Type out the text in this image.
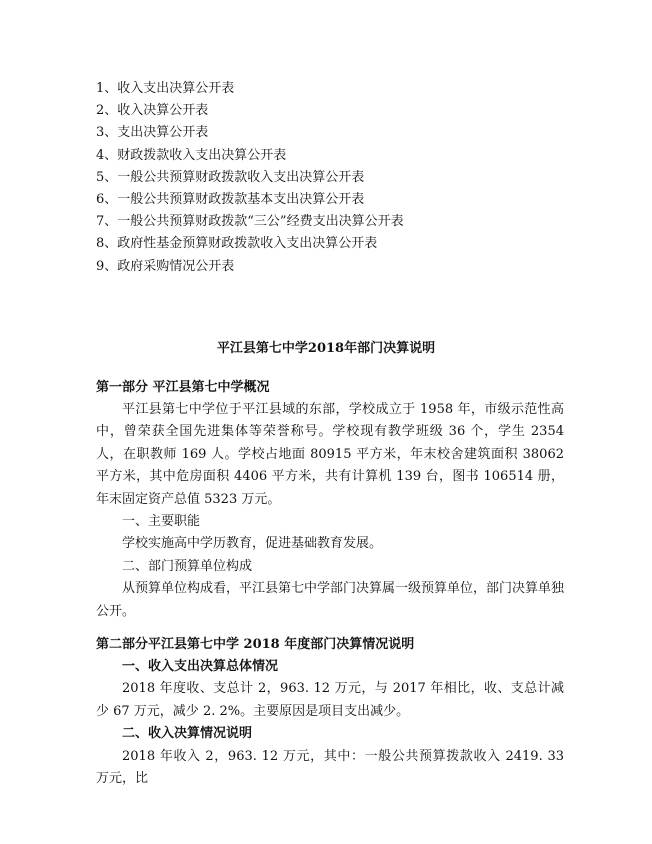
1、收入支出决算公开表
2、收入决算公开表
3、支出决算公开表
4、财政拨款收入支出决算公开表
5、一般公共预算财政拨款收入支出决算公开表
6、一般公共预算财政拨款基本支出决算公开表
7、一般公共预算财政拨款“三公”经费支出决算公开表
8、政府性基金预算财政拨款收入支出决算公开表
9、政府采购情况公开表
平江县第七中学2018年部门决算说明
第一部分 平江县第七中学概况

平江县第七中学位于平江县域的东部，学校成立于 1958 年，市级示范性高中，曾荣获全国先进集体等荣誉称号。学校现有教学班级 36 个，学生 2354 人，在职教师 169 人。学校占地面 80915 平方米，年末校舍建筑面积 38062 平方米，其中危房面积 4406 平方米，共有计算机 139 台，图书 106514 册，年末固定资产总值 5323 万元。

一、主要职能
学校实施高中学历教育，促进基础教育发展。
二、部门预算单位构成

从预算单位构成看，平江县第七中学部门决算属一级预算单位，部门决算单独公开。

第二部分平江县第七中学 2018 年度部门决算情况说明
一、收入支出决算总体情况

2018 年度收、支总计 2，963. 12 万元，与 2017 年相比，收、支总计减少 67 万元，减少 2. 2%。主要原因是项目支出减少。

二、收入决算情况说明

2018 年收入 2，963. 12 万元，其中：一般公共预算拨款收入 2419. 33 万元，比
